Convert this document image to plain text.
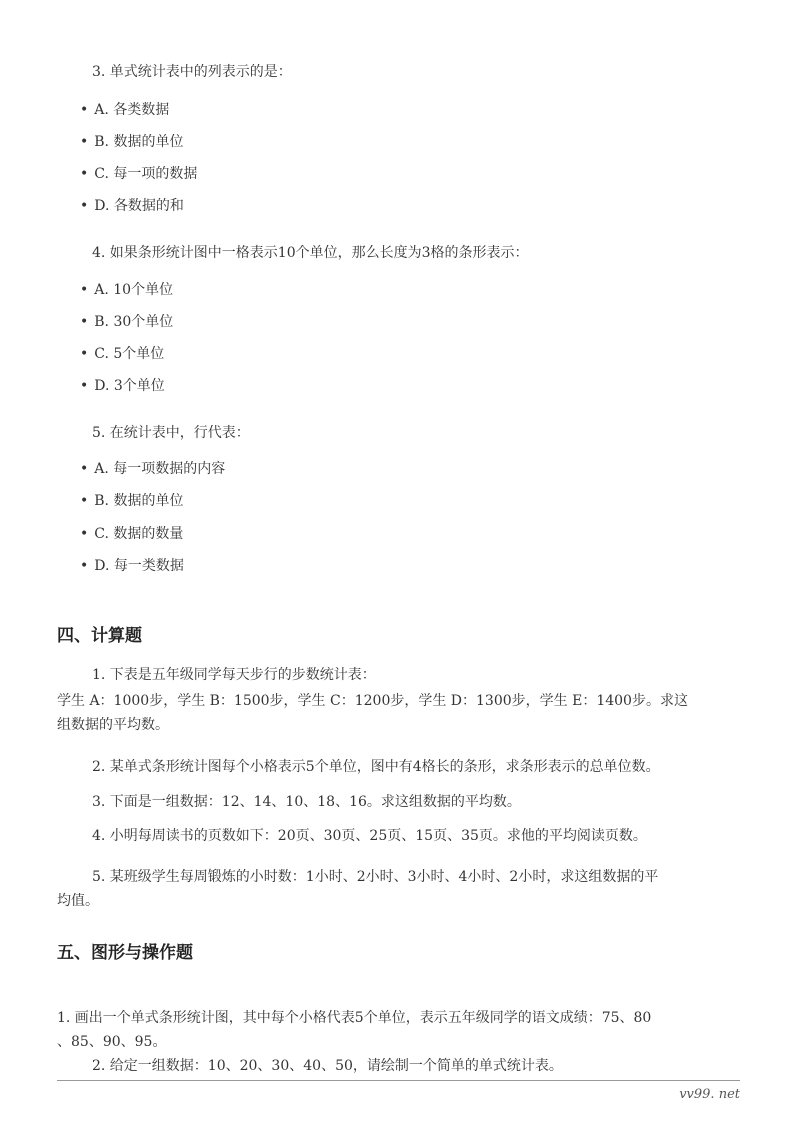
3. 单式统计表中的列表示的是：
• A. 各类数据
• B. 数据的单位
• C. 每一项的数据
• D. 各数据的和
4. 如果条形统计图中一格表示10个单位，那么长度为3格的条形表示：
• A. 10个单位
• B. 30个单位
• C. 5个单位
• D. 3个单位
5. 在统计表中，行代表：
• A. 每一项数据的内容
• B. 数据的单位
• C. 数据的数量
• D. 每一类数据
四、计算题
1. 下表是五年级同学每天步行的步数统计表：
学生 A：1000步，学生 B：1500步，学生 C：1200步，学生 D：1300步，学生 E：1400步。求这
组数据的平均数。
2. 某单式条形统计图每个小格表示5个单位，图中有4格长的条形，求条形表示的总单位数。
3. 下面是一组数据：12、14、10、18、16。求这组数据的平均数。
4. 小明每周读书的页数如下：20页、30页、25页、15页、35页。求他的平均阅读页数。
5. 某班级学生每周锻炼的小时数：1小时、2小时、3小时、4小时、2小时，求这组数据的平
均值。
五、图形与操作题
1. 画出一个单式条形统计图，其中每个小格代表5个单位，表示五年级同学的语文成绩：75、80
、85、90、95。
2. 给定一组数据：10、20、30、40、50，请绘制一个简单的单式统计表。
vv99. net
